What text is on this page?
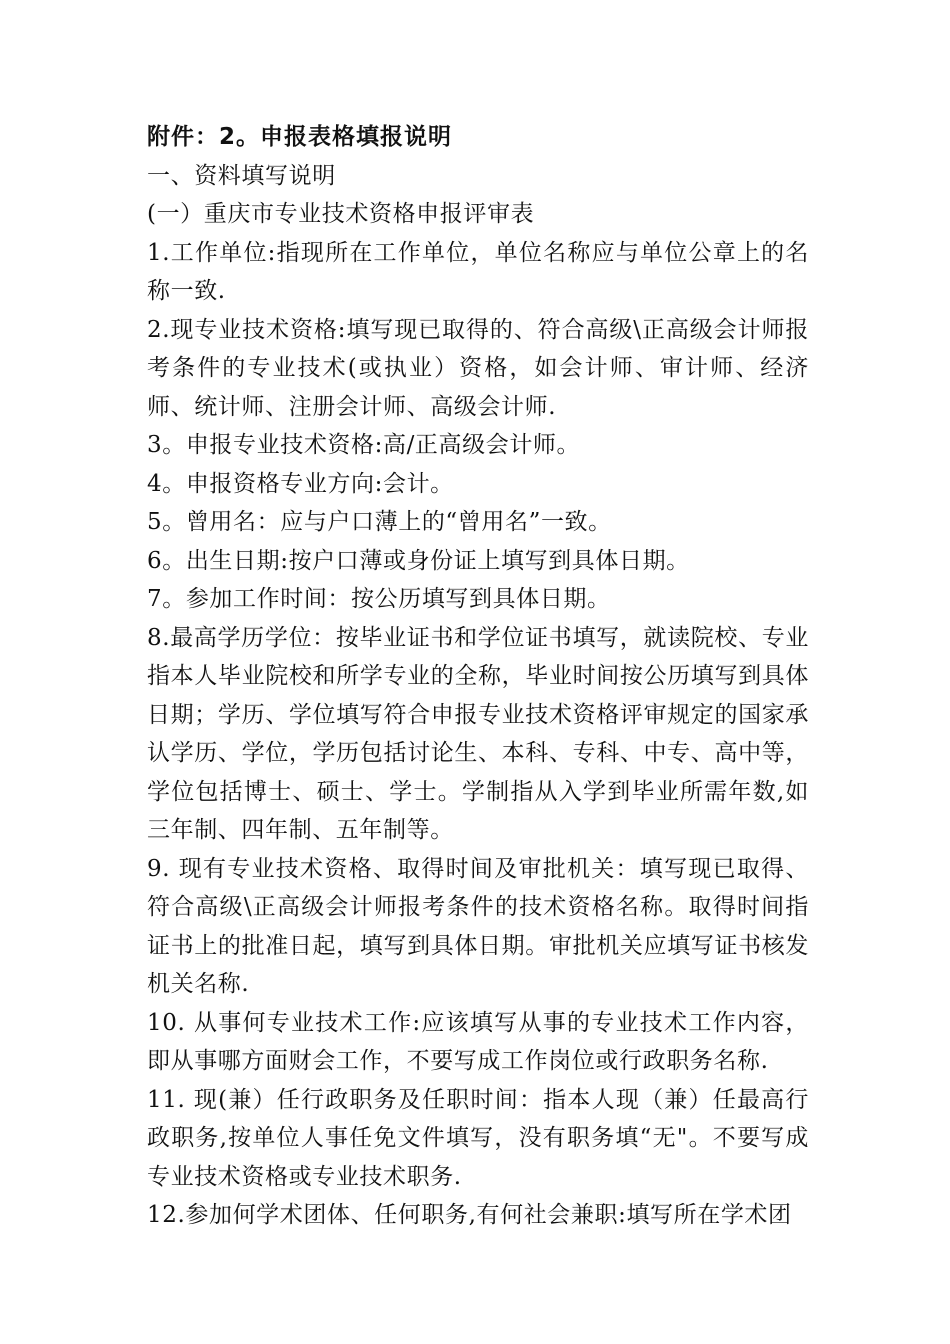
附件：2。申报表格填报说明

一、资料填写说明

(一）重庆市专业技术资格申报评审表

1.工作单位:指现所在工作单位，单位名称应与单位公章上的名称一致.

2.现专业技术资格:填写现已取得的、符合高级\正高级会计师报考条件的专业技术(或执业）资格，如会计师、审计师、经济师、统计师、注册会计师、高级会计师.

3。申报专业技术资格:高/正高级会计师。

4。申报资格专业方向:会计。

5。曾用名：应与户口薄上的“曾用名”一致。

6。出生日期:按户口薄或身份证上填写到具体日期。

7。参加工作时间：按公历填写到具体日期。

8.最高学历学位：按毕业证书和学位证书填写，就读院校、专业指本人毕业院校和所学专业的全称，毕业时间按公历填写到具体日期；学历、学位填写符合申报专业技术资格评审规定的国家承认学历、学位，学历包括讨论生、本科、专科、中专、高中等，学位包括博士、硕士、学士。学制指从入学到毕业所需年数,如三年制、四年制、五年制等。

9. 现有专业技术资格、取得时间及审批机关：填写现已取得、符合高级\正高级会计师报考条件的技术资格名称。取得时间指证书上的批准日起，填写到具体日期。审批机关应填写证书核发机关名称.

10. 从事何专业技术工作:应该填写从事的专业技术工作内容，即从事哪方面财会工作，不要写成工作岗位或行政职务名称.

11. 现(兼）任行政职务及任职时间：指本人现（兼）任最高行政职务,按单位人事任免文件填写，没有职务填“无"。不要写成专业技术资格或专业技术职务.

12.参加何学术团体、任何职务,有何社会兼职:填写所在学术团
